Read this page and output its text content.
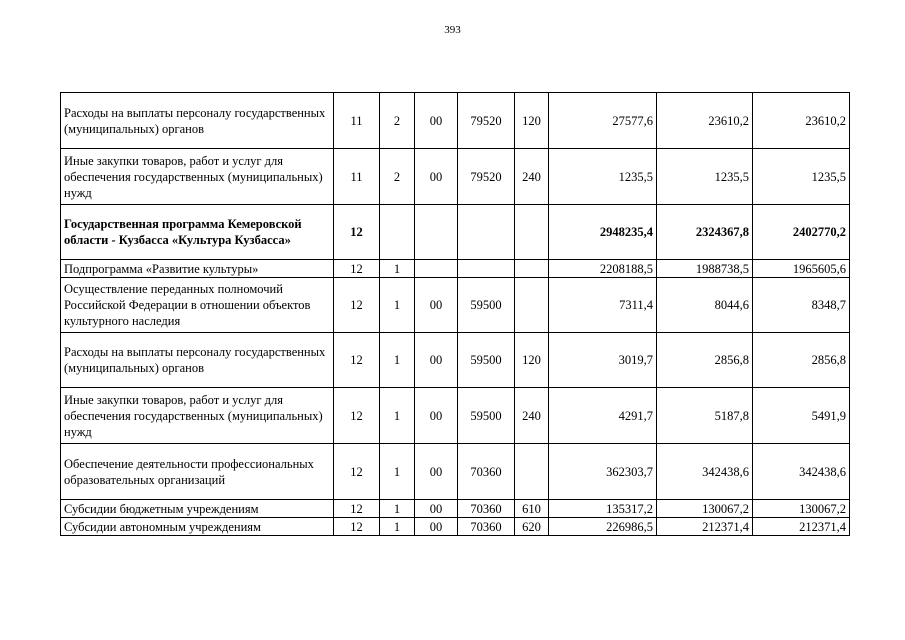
393
Расходы на выплаты персоналу государственных (муниципальных) органов	11	2	00	79520	120	27577,6	23610,2	23610,2
Иные закупки товаров, работ и услуг для обеспечения государственных (муниципальных) нужд	11	2	00	79520	240	1235,5	1235,5	1235,5
Государственная программа Кемеровской области - Кузбасса «Культура Кузбасса»	12					2948235,4	2324367,8	2402770,2
Подпрограмма «Развитие культуры»	12	1				2208188,5	1988738,5	1965605,6
Осуществление переданных полномочий Российской Федерации в отношении объектов культурного наследия	12	1	00	59500		7311,4	8044,6	8348,7
Расходы на выплаты персоналу государственных (муниципальных) органов	12	1	00	59500	120	3019,7	2856,8	2856,8
Иные закупки товаров, работ и услуг для обеспечения государственных (муниципальных) нужд	12	1	00	59500	240	4291,7	5187,8	5491,9
Обеспечение деятельности профессиональных образовательных организаций	12	1	00	70360		362303,7	342438,6	342438,6
Субсидии бюджетным учреждениям	12	1	00	70360	610	135317,2	130067,2	130067,2
Субсидии автономным учреждениям	12	1	00	70360	620	226986,5	212371,4	212371,4
